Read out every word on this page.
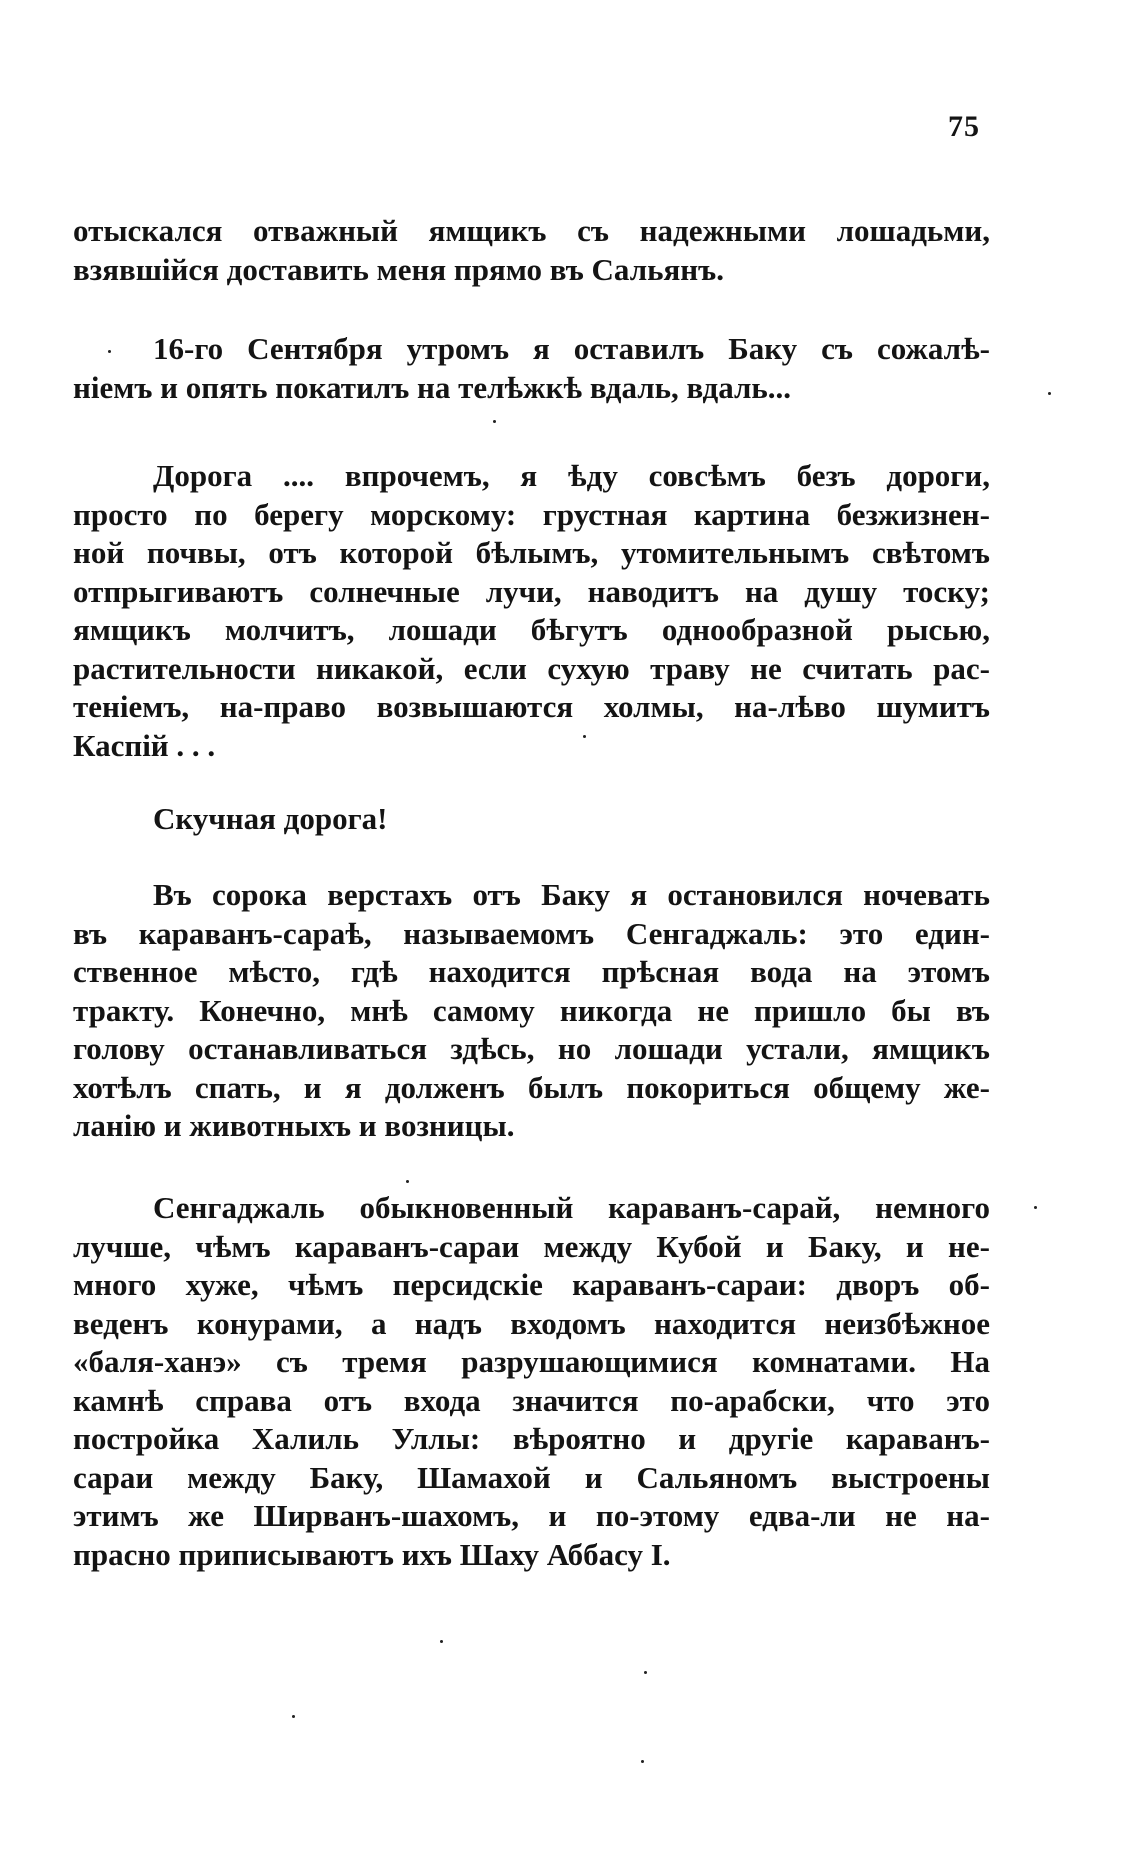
75
отыскался отважный ямщикъ съ надежными лошадьми,
взявшійся доставить меня прямо въ Сальянъ.
16-го Сентября утромъ я оставилъ Баку съ сожалѣ-
ніемъ и опять покатилъ на телѣжкѣ вдаль, вдаль...
Дорога .... впрочемъ, я ѣду совсѣмъ безъ дороги,
просто по берегу морскому: грустная картина безжизнен-
ной почвы, отъ которой бѣлымъ, утомительнымъ свѣтомъ
отпрыгиваютъ солнечные лучи, наводитъ на душу тоску;
ямщикъ молчитъ, лошади бѣгутъ однообразной рысью,
растительности никакой, если сухую траву не считать рас-
теніемъ, на-право возвышаются холмы, на-лѣво шумитъ
Каспій . . .
Скучная дорога!
Въ сорока верстахъ отъ Баку я остановился ночевать
въ караванъ-сараѣ, называемомъ Сенгаджаль: это един-
ственное мѣсто, гдѣ находится прѣсная вода на этомъ
тракту. Конечно, мнѣ самому никогда не пришло бы въ
голову останавливаться здѣсь, но лошади устали, ямщикъ
хотѣлъ спать, и я долженъ былъ покориться общему же-
ланію и животныхъ и возницы.
Сенгаджаль обыкновенный караванъ-сарай, немного
лучше, чѣмъ караванъ-сараи между Кубой и Баку, и не-
много хуже, чѣмъ персидскіе караванъ-сараи: дворъ об-
веденъ конурами, а надъ входомъ находится неизбѣжное
«баля-ханэ» съ тремя разрушающимися комнатами. На
камнѣ справа отъ входа значится по-арабски, что это
постройка Халиль Уллы: вѣроятно и другіе караванъ-
сараи между Баку, Шамахой и Сальяномъ выстроены
этимъ же Ширванъ-шахомъ, и по-этому едва-ли не на-
прасно приписываютъ ихъ Шаху Аббасу I.
